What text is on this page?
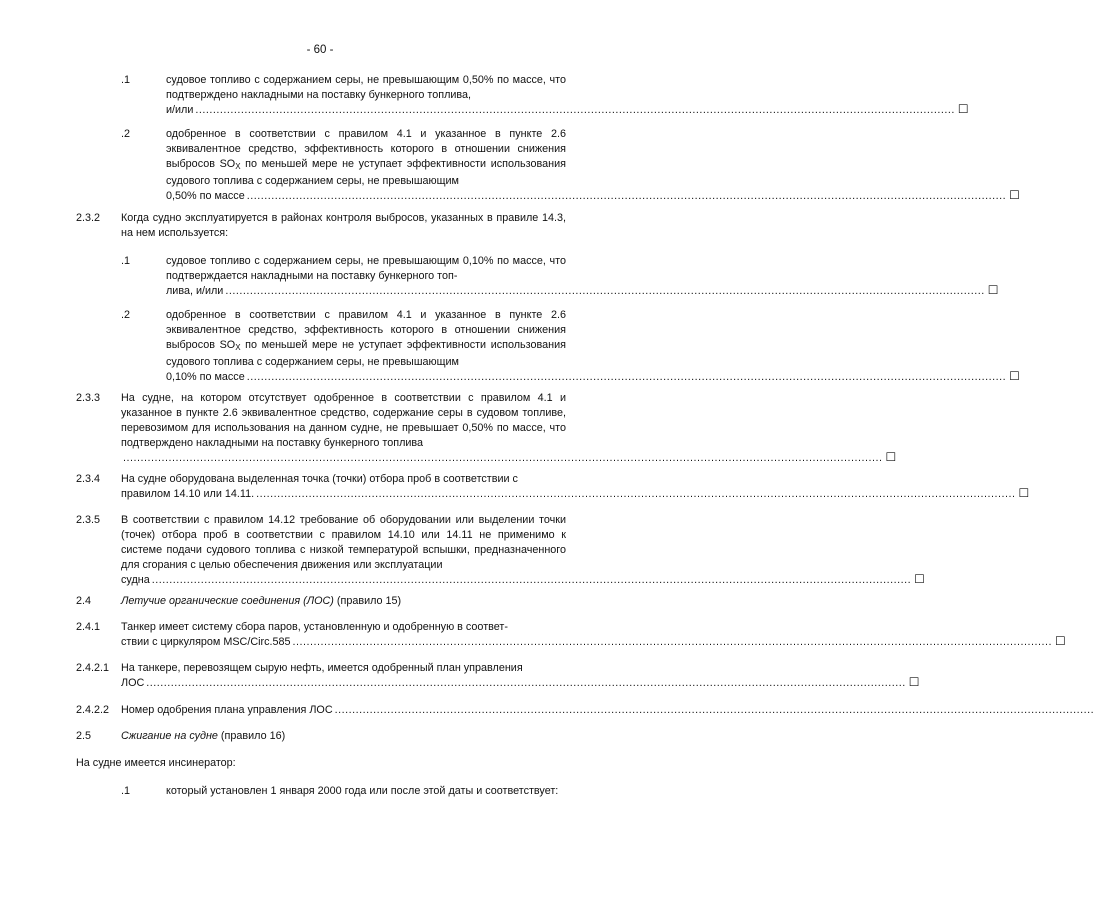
- 60 -
.1	судовое топливо с содержанием серы, не превышающим 0,50% по массе, что подтверждено накладными на поставку бункерного топлива,
и/или ......................................................................................................................................................................................................................... ☐
.2	одобренное в соответствии с правилом 4.1 и указанное в пункте 2.6 эквивалентное средство, эффективность которого в отношении снижения выбросов $SO_X$ по меньшей мере не уступает эффективности использования судового топлива с содержанием серы, не превышающим
0,50% по массе ......................................................................................................................................................................................................................... ☐
2.3.2 Когда судно эксплуатируется в районах контроля выбросов, указанных в правиле 14.3, на нем используется:
.1	судовое топливо с содержанием серы, не превышающим 0,10% по массе, что подтверждается накладными на поставку бункерного топ-
лива, и/или ......................................................................................................................................................................................................................... ☐
.2	одобренное в соответствии с правилом 4.1 и указанное в пункте 2.6 эквивалентное средство, эффективность которого в отношении снижения выбросов $SO_X$ по меньшей мере не уступает эффективности использования судового топлива с содержанием серы, не превышающим
0,10% по массе ......................................................................................................................................................................................................................... ☐
2.3.3 На судне, на котором отсутствует одобренное в соответствии с правилом 4.1 и указанное в пункте 2.6 эквивалентное средство, содержание серы в судовом топливе, перевозимом для использования на данном судне, не превышает 0,50% по массе, что подтверждено накладными на поставку бункерного топлива
......................................................................................................................................................................................................................... ☐
2.3.4 На судне оборудована выделенная точка (точки) отбора проб в соответствии с
правилом 14.10 или 14.11. ......................................................................................................................................................................................................................... ☐
2.3.5 В соответствии с правилом 14.12 требование об оборудовании или выделении точки (точек) отбора проб в соответствии с правилом 14.10 или 14.11 не применимо к системе подачи судового топлива с низкой температурой вспышки, предназначенного для сгорания с целью обеспечения движения или эксплуатации
судна ......................................................................................................................................................................................................................... ☐
2.4	Летучие органические соединения (ЛОС) (правило 15)
2.4.1 Танкер имеет систему сбора паров, установленную и одобренную в соответ-
ствии с циркуляром MSC/Circ.585 ......................................................................................................................................................................................................................... ☐
2.4.2.1 На танкере, перевозящем сырую нефть, имеется одобренный план управления
ЛОС ......................................................................................................................................................................................................................... ☐
2.4.2.2 Номер одобрения плана управления ЛОС .........................................................................................................................................................................................................................
2.5	Сжигание на судне (правило 16)
На судне имеется инсинератор:
.1	который установлен 1 января 2000 года или после этой даты и соответствует:
